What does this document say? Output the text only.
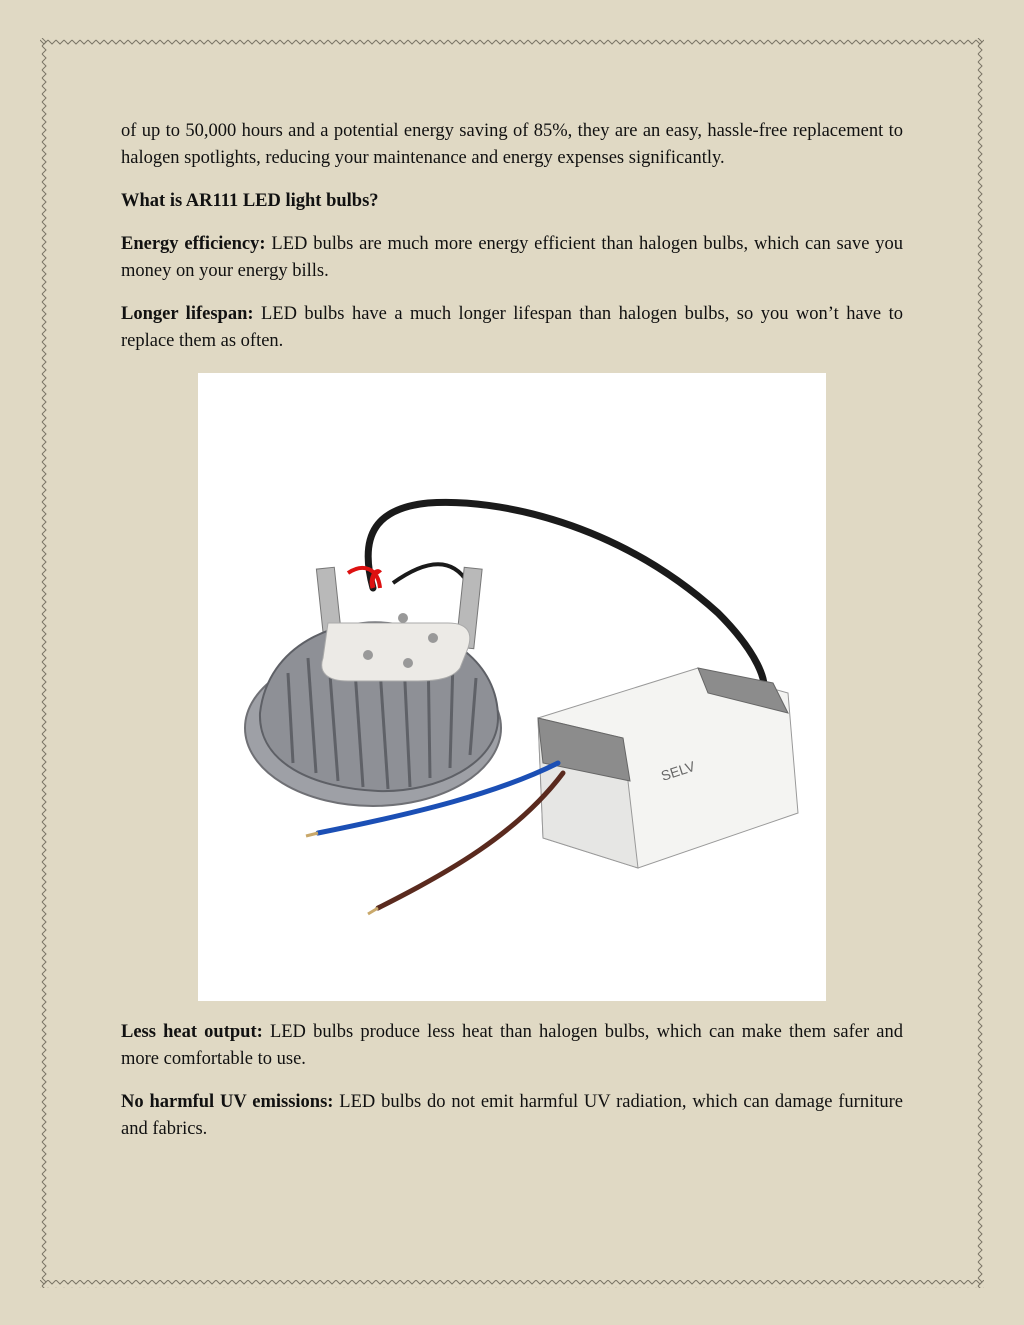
of up to 50,000 hours and a potential energy saving of 85%, they are an easy, hassle-free replacement to halogen spotlights, reducing your maintenance and energy expenses significantly.

What is AR111 LED light bulbs?

Energy efficiency: LED bulbs are much more energy efficient than halogen bulbs, which can save you money on your energy bills.

Longer lifespan: LED bulbs have a much longer lifespan than halogen bulbs, so you won’t have to replace them as often.

SELV

Less heat output: LED bulbs produce less heat than halogen bulbs, which can make them safer and more comfortable to use.

No harmful UV emissions: LED bulbs do not emit harmful UV radiation, which can damage furniture and fabrics.
